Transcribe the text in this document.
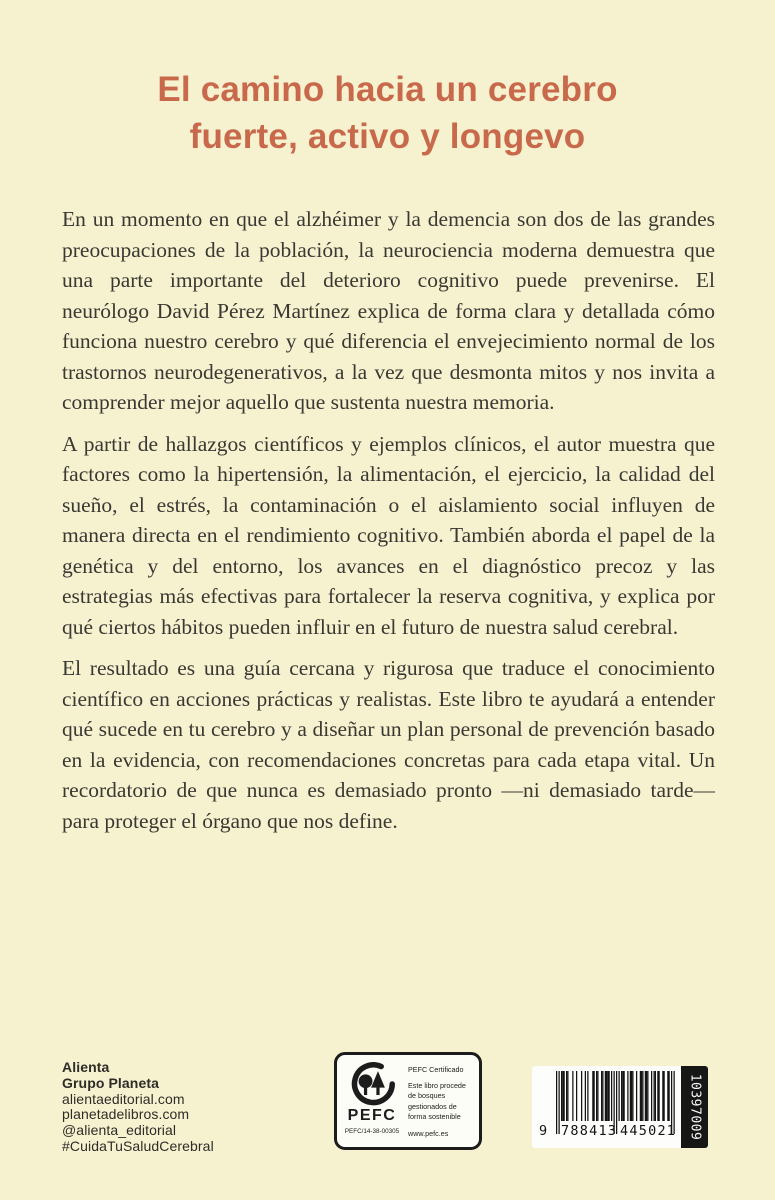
El camino hacia un cerebro
fuerte, activo y longevo

En un momento en que el alzhéimer y la demencia son dos de las grandes preocupaciones de la población, la neurociencia moderna demuestra que una parte importante del deterioro cognitivo puede prevenirse. El neurólogo David Pérez Martínez explica de forma clara y detallada cómo funciona nuestro cerebro y qué diferencia el envejecimiento normal de los trastornos neurodegenerativos, a la vez que desmonta mitos y nos invita a comprender mejor aquello que sustenta nuestra memoria.

A partir de hallazgos científicos y ejemplos clínicos, el autor muestra que factores como la hipertensión, la alimentación, el ejercicio, la calidad del sueño, el estrés, la contaminación o el aislamiento social influyen de manera directa en el rendimiento cognitivo. También aborda el papel de la genética y del entorno, los avances en el diagnóstico precoz y las estrategias más efectivas para fortalecer la reserva cognitiva, y explica por qué ciertos hábitos pueden influir en el futuro de nuestra salud cerebral.

El resultado es una guía cercana y rigurosa que traduce el conocimiento científico en acciones prácticas y realistas. Este libro te ayudará a entender qué sucede en tu cerebro y a diseñar un plan personal de prevención basado en la evidencia, con recomendaciones concretas para cada etapa vital. Un recordatorio de que nunca es demasiado pronto —ni demasiado tarde— para proteger el órgano que nos define.

Alienta
Grupo Planeta
alientaeditorial.com
planetadelibros.com
@alienta_editorial
#CuidaTuSaludCerebral
PEFC
PEFC/14-38-00305
PEFC Certificado
Este libro procede de bosques gestionados de forma sostenible
www.pefc.es	9 7 8 8 4 1 3 4 4 5 0 2 1 10397009
